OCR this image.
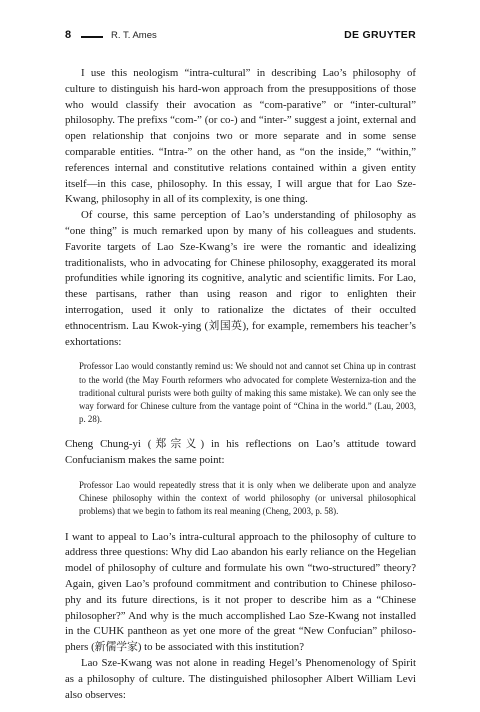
8	R. T. Ames	DE GRUYTER

I use this neologism “intra-cultural” in describing Lao’s philosophy of culture to distinguish his hard-won approach from the presuppositions of those who would classify their avocation as “com-parative” or “inter-cultural” philosophy. The prefixs “com-” (or co-) and “inter-” suggest a joint, external and open relationship that conjoins two or more separate and in some sense comparable entities. “Intra-” on the other hand, as “on the inside,” “within,” references internal and constitutive relations contained within a given entity itself—in this case, philosophy. In this essay, I will argue that for Lao Sze-Kwang, philosophy in all of its complexity, is one thing.

Of course, this same perception of Lao’s understanding of philosophy as “one thing” is much remarked upon by many of his colleagues and students. Favorite targets of Lao Sze-Kwang’s ire were the romantic and idealizing traditionalists, who in advocating for Chinese philosophy, exaggerated its moral profundities while ignoring its cognitive, analytic and scientific limits. For Lao, these partisans, rather than using reason and rigor to enlighten their interrogation, used it only to rationalize the dictates of their occulted ethnocentrism. Lau Kwok-ying (刘国英), for example, remembers his teacher’s exhortations:

Professor Lao would constantly remind us: We should not and cannot set China up in contrast to the world (the May Fourth reformers who advocated for complete Westerniza-tion and the traditional cultural purists were both guilty of making this same mistake). We can only see the way forward for Chinese culture from the vantage point of “China in the world.” (Lau, 2003, p. 28).

Cheng Chung-yi (郑宗义) in his reflections on Lao’s attitude toward Confucianism makes the same point:

Professor Lao would repeatedly stress that it is only when we deliberate upon and analyze Chinese philosophy within the context of world philosophy (or universal philosophical problems) that we begin to fathom its real meaning (Cheng, 2003, p. 58).

I want to appeal to Lao’s intra-cultural approach to the philosophy of culture to address three questions: Why did Lao abandon his early reliance on the Hegelian model of philosophy of culture and formulate his own “two-structured” theory? Again, given Lao’s profound commitment and contribution to Chinese philoso-phy and its future directions, is it not proper to describe him as a “Chinese philosopher?” And why is the much accomplished Lao Sze-Kwang not installed in the CUHK pantheon as yet one more of the great “New Confucian” philoso-phers (新儒学家) to be associated with this institution?

Lao Sze-Kwang was not alone in reading Hegel’s Phenomenology of Spirit as a philosophy of culture. The distinguished philosopher Albert William Levi also observes:
